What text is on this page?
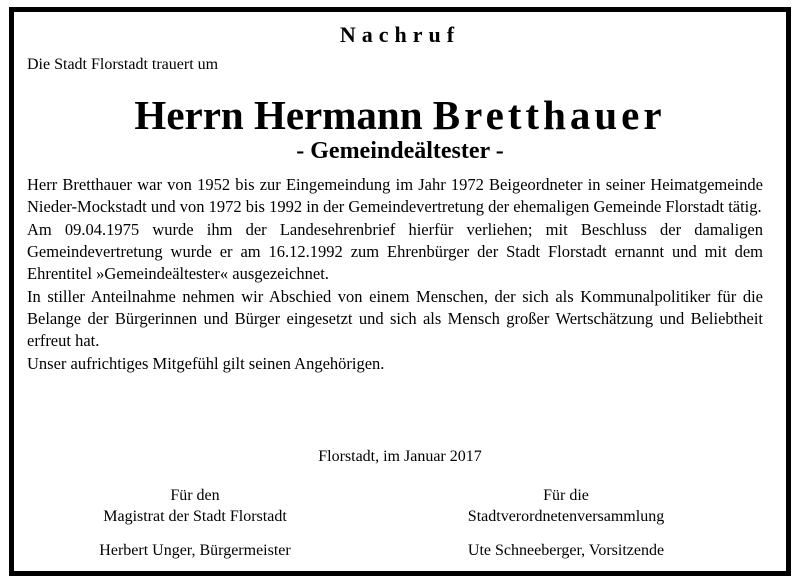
Nachruf
Die Stadt Florstadt trauert um
Herrn Hermann Bretthauer
- Gemeindeältester -

Herr Bretthauer war von 1952 bis zur Eingemeindung im Jahr 1972 Beigeordneter in seiner Heimatgemeinde Nieder-Mockstadt und von 1972 bis 1992 in der Gemeindevertretung der ehemaligen Gemeinde Florstadt tätig.

Am 09.04.1975 wurde ihm der Landesehrenbrief hierfür verliehen; mit Beschluss der damaligen Gemeindevertretung wurde er am 16.12.1992 zum Ehrenbürger der Stadt Florstadt ernannt und mit dem Ehrentitel »Gemeindeältester« ausgezeichnet.

In stiller Anteilnahme nehmen wir Abschied von einem Menschen, der sich als Kommunalpolitiker für die Belange der Bürgerinnen und Bürger eingesetzt und sich als Mensch großer Wertschätzung und Beliebtheit erfreut hat.

Unser aufrichtiges Mitgefühl gilt seinen Angehörigen.

Florstadt, im Januar 2017
Für den
Magistrat der Stadt Florstadt
Herbert Unger, Bürgermeister
Für die
Stadtverordnetenversammlung
Ute Schneeberger, Vorsitzende
